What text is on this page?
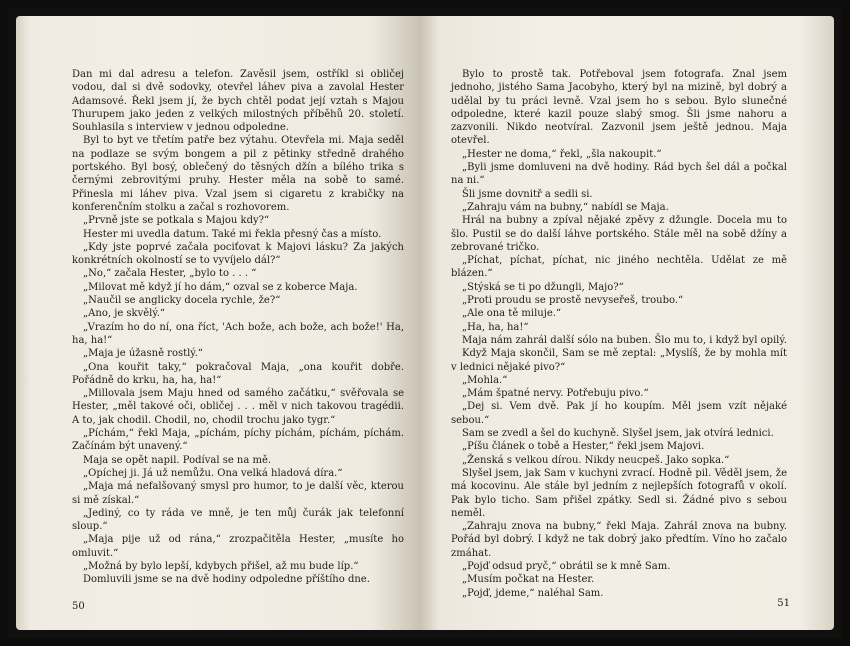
Dan mi dal adresu a telefon. Zavěsil jsem, ostříkl si obličej vodou, dal si dvě sodovky, otevřel láhev piva a zavolal Hester Adamsové. Řekl jsem jí, že bych chtěl podat její vztah s Majou Thurupem jako jeden z velkých milostných příběhů 20. století. Souhlasila s interview v jednou odpoledne.

Byl to byt ve třetím patře bez výtahu. Otevřela mi. Maja seděl na podlaze se svým bongem a pil z pětinky středně drahého portského. Byl bosý, oblečený do těsných džín a bílého trika s černými zebrovitými pruhy. Hester měla na sobě to samé. Přinesla mi láhev piva. Vzal jsem si cigaretu z krabičky na konferenčním stolku a začal s rozhovorem.

„Prvně jste se potkala s Majou kdy?“

Hester mi uvedla datum. Také mi řekla přesný čas a místo.

„Kdy jste poprvé začala pociťovat k Majovi lásku? Za jakých konkrétních okolností se to vyvíjelo dál?“

„No,“ začala Hester, „bylo to . . . “

„Milovat mě když jí ho dám,“ ozval se z koberce Maja.

„Naučil se anglicky docela rychle, že?“

„Ano, je skvělý.“

„Vrazím ho do ní, ona říct, 'Ach bože, ach bože, ach bože!' Ha, ha, ha!“

„Maja je úžasně rostlý.“

„Ona kouřit taky,“ pokračoval Maja, „ona kouřit dobře. Pořádně do krku, ha, ha, ha!“

„Millovala jsem Maju hned od samého začátku,“ svěřovala se Hester, „měl takové oči, obličej . . . měl v nich takovou tragédii. A to, jak chodil. Chodil, no, chodil trochu jako tygr.“

„Píchám,“ řekl Maja, „píchám, píchy píchám, píchám, píchám. Začínám být unavený.“

Maja se opět napil. Podíval se na mě.

„Opíchej ji. Já už nemůžu. Ona velká hladová díra.“

„Maja má nefalšovaný smysl pro humor, to je další věc, kterou si mě získal.“

„Jediný, co ty ráda ve mně, je ten můj čurák jak telefonní sloup.“

„Maja pije už od rána,“ zrozpačitěla Hester, „musíte ho omluvit.“

„Možná by bylo lepší, kdybych přišel, až mu bude líp.“

Domluvili jsme se na dvě hodiny odpoledne příštího dne.

50

Bylo to prostě tak. Potřeboval jsem fotografa. Znal jsem jednoho, jistého Sama Jacobyho, který byl na mizině, byl dobrý a udělal by tu práci levně. Vzal jsem ho s sebou. Bylo slunečné odpoledne, které kazil pouze slabý smog. Šli jsme nahoru a zazvonili. Nikdo neotvíral. Zazvonil jsem ještě jednou. Maja otevřel.

„Hester ne doma,“ řekl, „šla nakoupit.“

„Byli jsme domluveni na dvě hodiny. Rád bych šel dál a počkal na ni.“

Šli jsme dovnitř a sedli si.

„Zahraju vám na bubny,“ nabídl se Maja.

Hrál na bubny a zpíval nějaké zpěvy z džungle. Docela mu to šlo. Pustil se do další láhve portského. Stále měl na sobě džíny a zebrované tričko.

„Píchat, píchat, píchat, nic jiného nechtěla. Udělat ze mě blázen.“

„Stýská se ti po džungli, Majo?“

„Proti proudu se prostě nevyseřeš, troubo.“

„Ale ona tě miluje.“

„Ha, ha, ha!“

Maja nám zahrál další sólo na buben. Šlo mu to, i když byl opilý.

Když Maja skončil, Sam se mě zeptal: „Myslíš, že by mohla mít v lednici nějaké pivo?“

„Mohla.“

„Mám špatné nervy. Potřebuju pivo.“

„Dej si. Vem dvě. Pak jí ho koupím. Měl jsem vzít nějaké sebou.“

Sam se zvedl a šel do kuchyně. Slyšel jsem, jak otvírá lednici.

„Píšu článek o tobě a Hester,“ řekl jsem Majovi.

„Ženská s velkou dírou. Nikdy neucpeš. Jako sopka.“

Slyšel jsem, jak Sam v kuchyni zvrací. Hodně pil. Věděl jsem, že má kocovinu. Ale stále byl jedním z nejlepších fotografů v okolí. Pak bylo ticho. Sam přišel zpátky. Sedl si. Žádné pivo s sebou neměl.

„Zahraju znova na bubny,“ řekl Maja. Zahrál znova na bubny. Pořád byl dobrý. I když ne tak dobrý jako předtím. Víno ho začalo zmáhat.

„Pojď odsud pryč,“ obrátil se k mně Sam.

„Musím počkat na Hester.

„Pojď, jdeme,“ naléhal Sam.

51
